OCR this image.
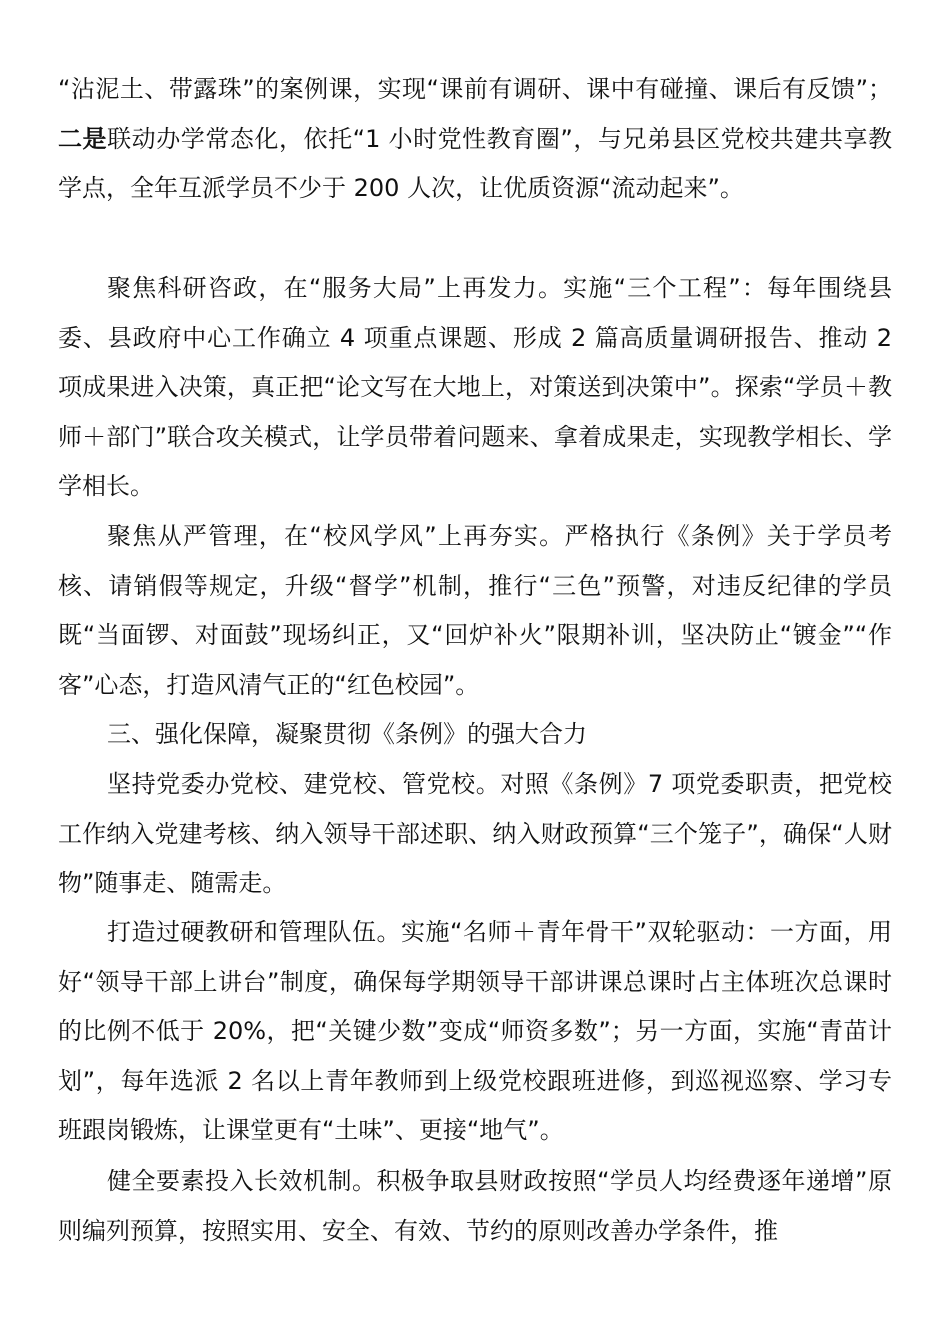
“沾泥土、带露珠”的案例课，实现“课前有调研、课中有碰撞、课后有反馈”；二是联动办学常态化，依托“1 小时党性教育圈”，与兄弟县区党校共建共享教学点，全年互派学员不少于 200 人次，让优质资源“流动起来”。

聚焦科研咨政，在“服务大局”上再发力。实施“三个工程”：每年围绕县委、县政府中心工作确立 4 项重点课题、形成 2 篇高质量调研报告、推动 2 项成果进入决策，真正把“论文写在大地上，对策送到决策中”。探索“学员＋教师＋部门”联合攻关模式，让学员带着问题来、拿着成果走，实现教学相长、学学相长。

聚焦从严管理，在“校风学风”上再夯实。严格执行《条例》关于学员考核、请销假等规定，升级“督学”机制，推行“三色”预警，对违反纪律的学员既“当面锣、对面鼓”现场纠正，又“回炉补火”限期补训，坚决防止“镀金”“作客”心态，打造风清气正的“红色校园”。

三、强化保障，凝聚贯彻《条例》的强大合力

坚持党委办党校、建党校、管党校。对照《条例》7 项党委职责，把党校工作纳入党建考核、纳入领导干部述职、纳入财政预算“三个笼子”，确保“人财物”随事走、随需走。

打造过硬教研和管理队伍。实施“名师＋青年骨干”双轮驱动：一方面，用好“领导干部上讲台”制度，确保每学期领导干部讲课总课时占主体班次总课时的比例不低于 20%，把“关键少数”变成“师资多数”；另一方面，实施“青苗计划”，每年选派 2 名以上青年教师到上级党校跟班进修，到巡视巡察、学习专班跟岗锻炼，让课堂更有“土味”、更接“地气”。

健全要素投入长效机制。积极争取县财政按照“学员人均经费逐年递增”原则编列预算，按照实用、安全、有效、节约的原则改善办学条件，推
